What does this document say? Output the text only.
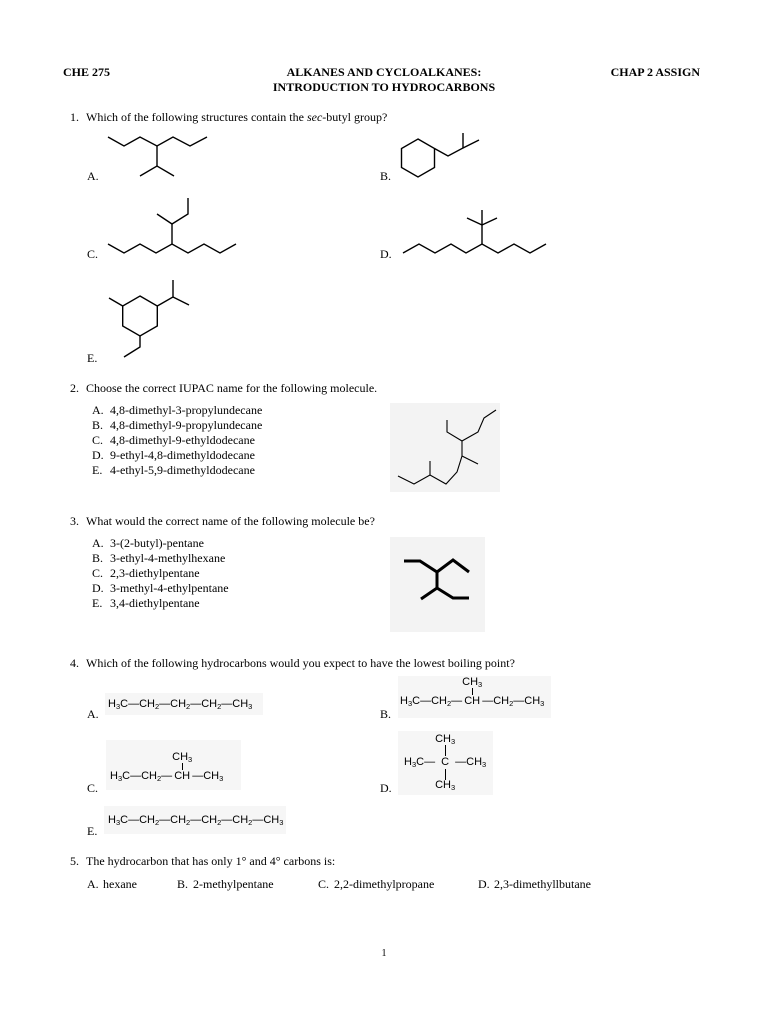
CHE 275	ALKANES AND CYCLOALKANES:
INTRODUCTION TO HYDROCARBONS
CHAP 2 ASSIGN
1. Which of the following structures contain the sec-butyl group?
A.	B.
C.	D.
E.
2. Choose the correct IUPAC name for the following molecule.
A. 4,8-dimethyl-3-propylundecane
B. 4,8-dimethyl-9-propylundecane
C. 4,8-dimethyl-9-ethyldodecane
D. 9-ethyl-4,8-dimethyldodecane
E. 4-ethyl-5,9-dimethyldodecane
3. What would the correct name of the following molecule be?
A. 3-(2-butyl)-pentane
B. 3-ethyl-4-methylhexane
C. 2,3-diethylpentane
D. 3-methyl-4-ethylpentane
E. 3,4-diethylpentane
4. Which of the following hydrocarbons would you expect to have the lowest boiling point?
A.
$H_3C—CH_2—CH_2—CH_2—CH_3$
B.
$CH_3$
$H_3C—CH_2—$ CH $—CH_2—CH_3$
C.
$CH_3$
$H_3C—CH_2—$ CH $—CH_3$
D.
$CH_3$
$H_3C—$ C $—CH_3$
$CH_3$
E.
$H_3C—CH_2—CH_2—CH_2—CH_2—CH_3$
5. The hydrocarbon that has only 1° and 4° carbons is:
A. hexane	B. 2-methylpentane	C. 2,2-dimethylpropane	D. 2,3-dimethyllbutane
1
